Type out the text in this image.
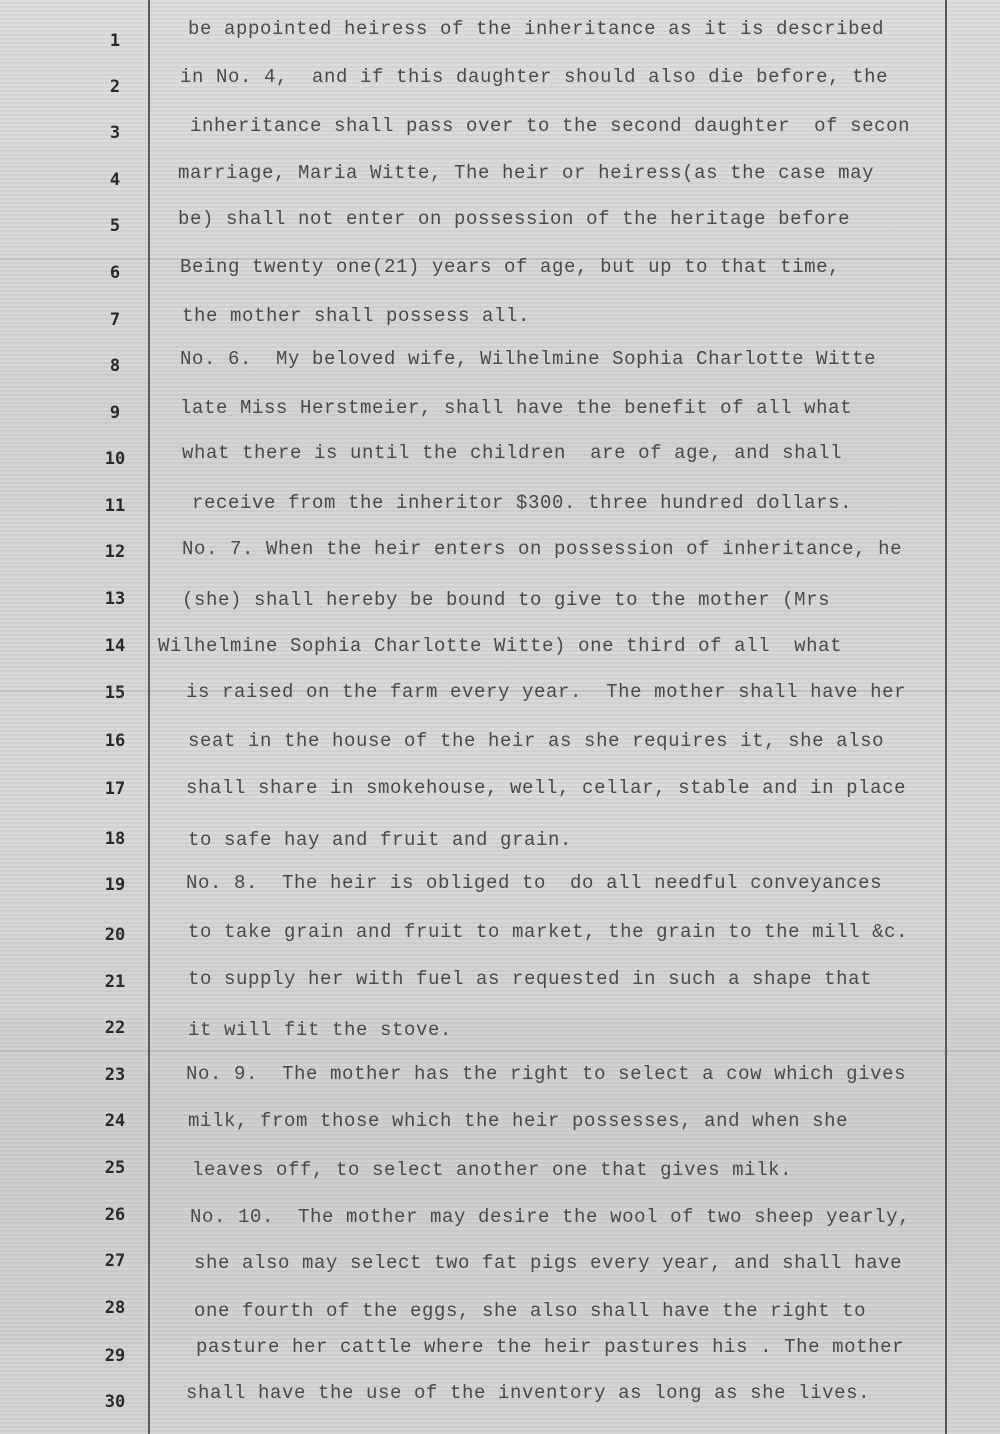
1
2
3
4
5
6
7
8
9
10
11
12
13
14
15
16
17
18
19
20
21
22
23
24
25
26
27
28
29
30
be appointed heiress of the inheritance as it is described
in No. 4,  and if this daughter should also die before, the
inheritance shall pass over to the second daughter  of secon
marriage, Maria Witte, The heir or heiress(as the case may
be) shall not enter on possession of the heritage before
Being twenty one(21) years of age, but up to that time,
the mother shall possess all.
No. 6.  My beloved wife, Wilhelmine Sophia Charlotte Witte
late Miss Herstmeier, shall have the benefit of all what
what there is until the children  are of age, and shall
receive from the inheritor $300. three hundred dollars.
No. 7. When the heir enters on possession of inheritance, he
(she) shall hereby be bound to give to the mother (Mrs
Wilhelmine Sophia Charlotte Witte) one third of all  what
is raised on the farm every year.  The mother shall have her
seat in the house of the heir as she requires it, she also
shall share in smokehouse, well, cellar, stable and in place
to safe hay and fruit and grain.
No. 8.  The heir is obliged to  do all needful conveyances
to take grain and fruit to market, the grain to the mill &c.
to supply her with fuel as requested in such a shape that
it will fit the stove.
No. 9.  The mother has the right to select a cow which gives
milk, from those which the heir possesses, and when she
leaves off, to select another one that gives milk.
No. 10.  The mother may desire the wool of two sheep yearly,
she also may select two fat pigs every year, and shall have
one fourth of the eggs, she also shall have the right to
pasture her cattle where the heir pastures his . The mother
shall have the use of the inventory as long as she lives.
